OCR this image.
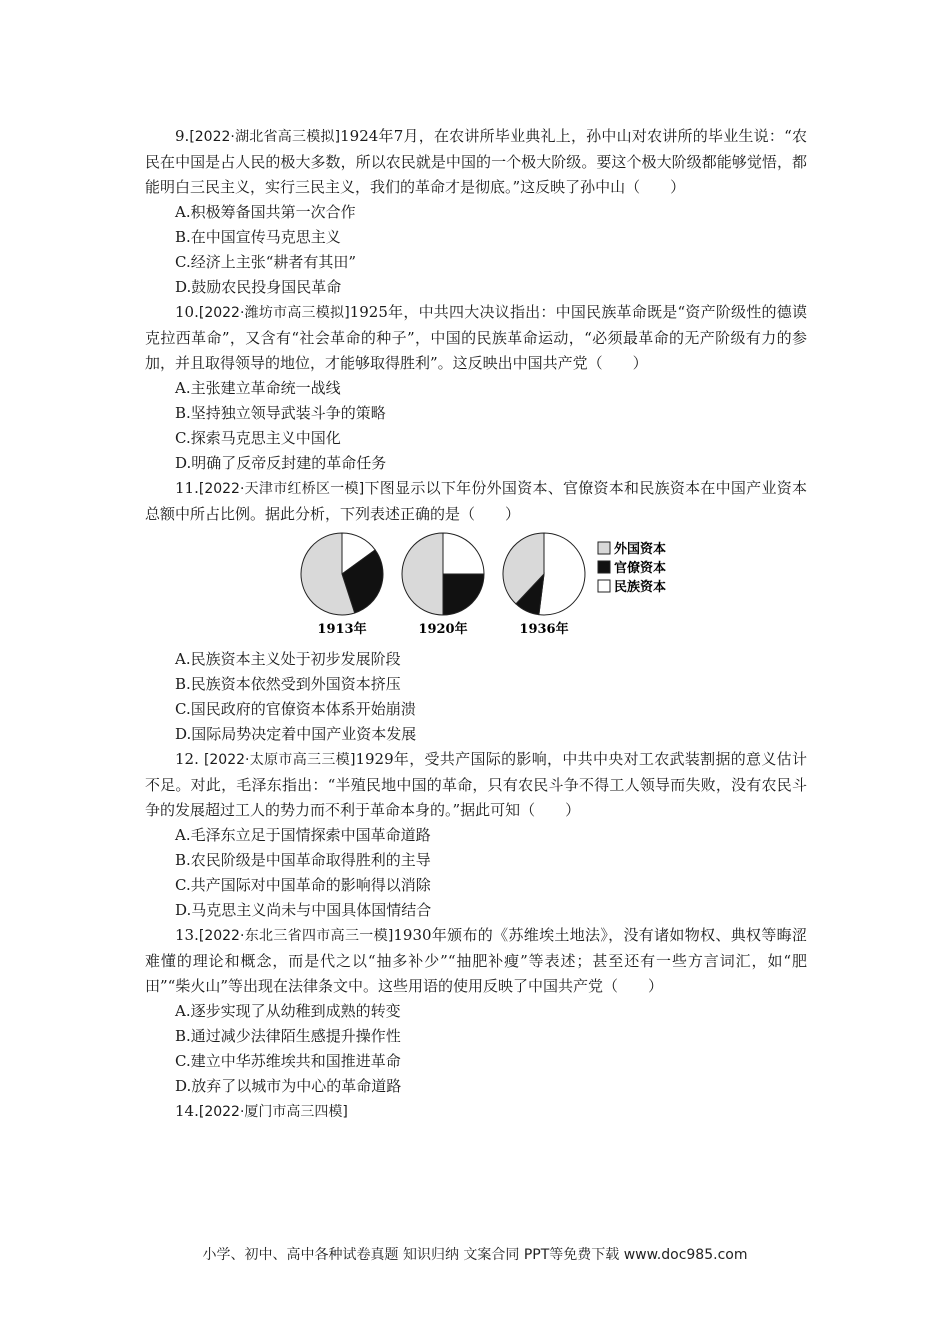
9.[2022·湖北省高三模拟]1924年7月，在农讲所毕业典礼上，孙中山对农讲所的毕业生说：“农民在中国是占人民的极大多数，所以农民就是中国的一个极大阶级。要这个极大阶级都能够觉悟，都能明白三民主义，实行三民主义，我们的革命才是彻底。”这反映了孙中山（　　）

A.积极筹备国共第一次合作

B.在中国宣传马克思主义

C.经济上主张“耕者有其田”

D.鼓励农民投身国民革命

10.[2022·潍坊市高三模拟]1925年，中共四大决议指出：中国民族革命既是“资产阶级性的德谟克拉西革命”，又含有“社会革命的种子”，中国的民族革命运动，“必须最革命的无产阶级有力的参加，并且取得领导的地位，才能够取得胜利”。这反映出中国共产党（　　）

A.主张建立革命统一战线

B.坚持独立领导武装斗争的策略

C.探索马克思主义中国化

D.明确了反帝反封建的革命任务

11.[2022·天津市红桥区一模]下图显示以下年份外国资本、官僚资本和民族资本在中国产业资本总额中所占比例。据此分析，下列表述正确的是（　　）

1913年	1920年	1936年
外国资本
官僚资本
民族资本

A.民族资本主义处于初步发展阶段

B.民族资本依然受到外国资本挤压

C.国民政府的官僚资本体系开始崩溃

D.国际局势决定着中国产业资本发展

12. [2022·太原市高三三模]1929年，受共产国际的影响，中共中央对工农武装割据的意义估计不足。对此，毛泽东指出：“半殖民地中国的革命，只有农民斗争不得工人领导而失败，没有农民斗争的发展超过工人的势力而不利于革命本身的。”据此可知（　　）

A.毛泽东立足于国情探索中国革命道路

B.农民阶级是中国革命取得胜利的主导

C.共产国际对中国革命的影响得以消除

D.马克思主义尚未与中国具体国情结合

13.[2022·东北三省四市高三一模]1930年颁布的《苏维埃土地法》，没有诸如物权、典权等晦涩难懂的理论和概念，而是代之以“抽多补少”“抽肥补瘦”等表述；甚至还有一些方言词汇，如“肥田”“柴火山”等出现在法律条文中。这些用语的使用反映了中国共产党（　　）

A.逐步实现了从幼稚到成熟的转变

B.通过减少法律陌生感提升操作性

C.建立中华苏维埃共和国推进革命

D.放弃了以城市为中心的革命道路

14.[2022·厦门市高三四模]

小学、初中、高中各种试卷真题 知识归纳 文案合同 PPT等免费下载 www.doc985.com
